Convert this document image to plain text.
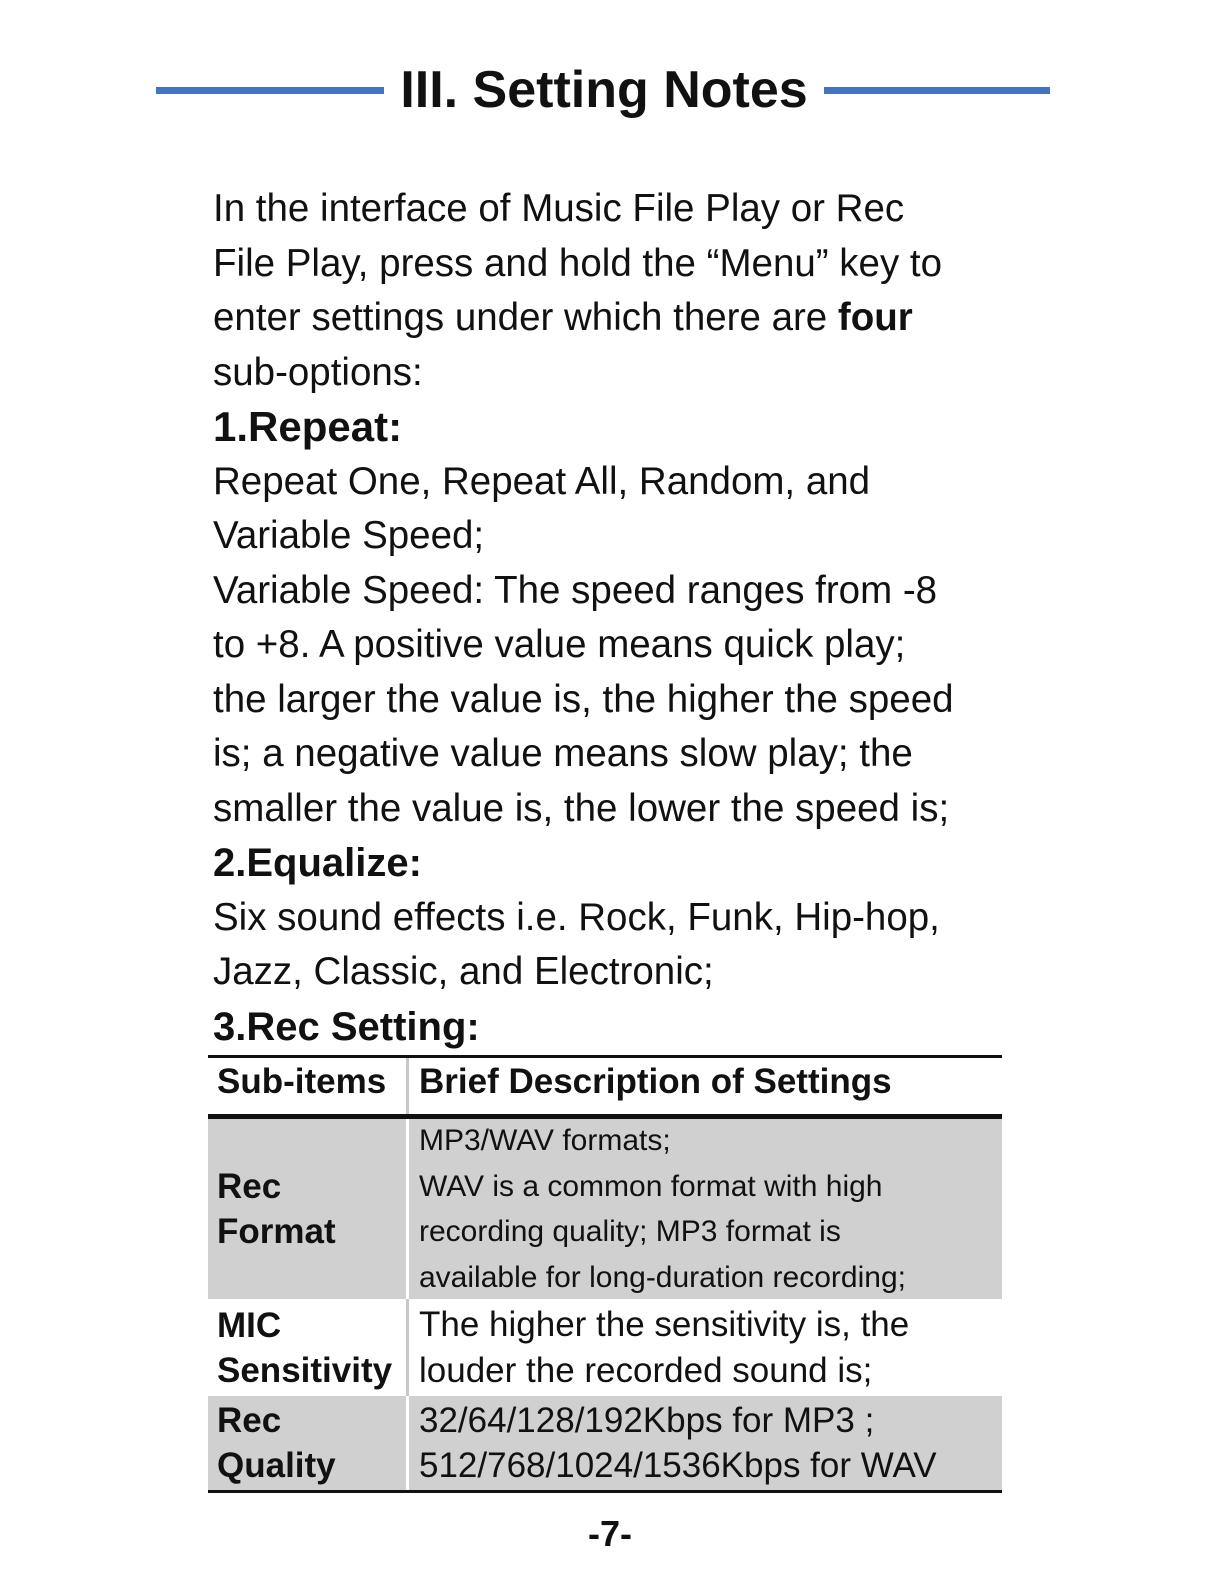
III. Setting Notes

In the interface of Music File Play or Rec

File Play, press and hold the “Menu” key to

enter settings under which there are four

sub-options:

1.Repeat:

Repeat One, Repeat All, Random, and

Variable Speed;

Variable Speed: The speed ranges from -8

to +8. A positive value means quick play;

the larger the value is, the higher the speed

is; a negative value means slow play; the

smaller the value is, the lower the speed is;

2.Equalize:

Six sound effects i.e. Rock, Funk, Hip-hop,

Jazz, Classic, and Electronic;

3.Rec Setting:

Sub-items Brief Description of Settings
Rec
Format
MP3/WAV formats;
WAV is a common format with high
recording quality; MP3 format is
available for long-duration recording;
MIC
Sensitivity
The higher the sensitivity is, the
louder the recorded sound is;
Rec
Quality
32/64/128/192Kbps for MP3 ;
512/768/1024/1536Kbps for WAV
-7-
